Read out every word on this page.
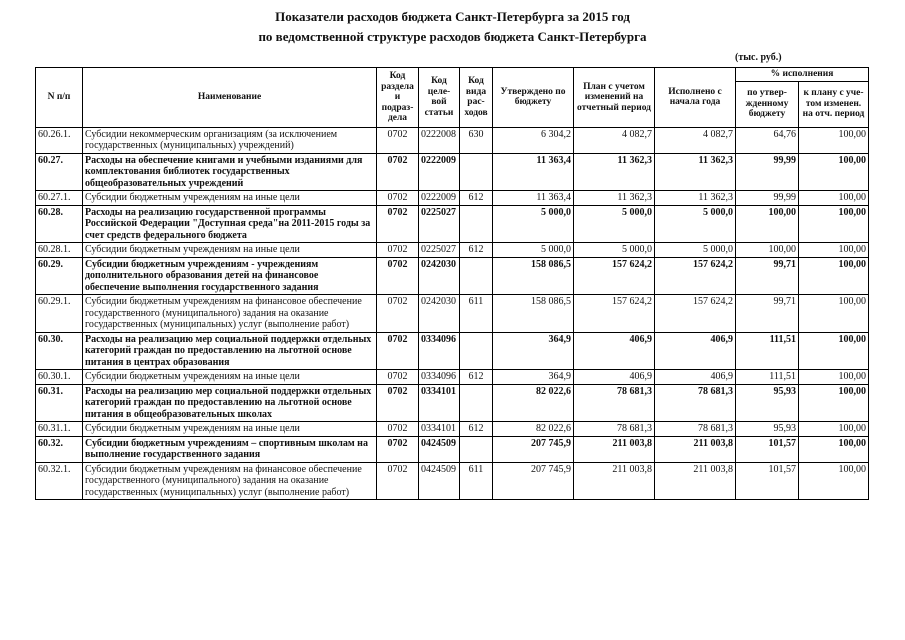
Показатели расходов бюджета Санкт-Петербурга за 2015 год
по ведомственной структуре расходов бюджета Санкт-Петербурга
(тыс. руб.)
N п/п	Наименование	Код раздела и подраз-дела	Код целе-вой статьи	Код вида рас-ходов	Утверждено по бюджету	План с учетом изменений на отчетный период	Исполнено с начала года	% исполнения	
								по утвер-жденному бюджету	к плану с уче-том изменен. на отч. период
60.26.1.	Субсидии некоммерческим организациям (за исключением государственных (муниципальных) учреждений)	0702	0222008	630	6 304,2	4 082,7	4 082,7	64,76	100,00
60.27.	Расходы на обеспечение книгами и учебными изданиями для комплектования библиотек государственных общеобразовательных учреждений	0702	0222009		11 363,4	11 362,3	11 362,3	99,99	100,00
60.27.1.	Субсидии бюджетным учреждениям на иные цели	0702	0222009	612	11 363,4	11 362,3	11 362,3	99,99	100,00
60.28.	Расходы на реализацию государственной программы Российской Федерации "Доступная среда"на 2011-2015 годы за счет средств федерального бюджета	0702	0225027		5 000,0	5 000,0	5 000,0	100,00	100,00
60.28.1.	Субсидии бюджетным учреждениям на иные цели	0702	0225027	612	5 000,0	5 000,0	5 000,0	100,00	100,00
60.29.	Субсидии бюджетным учреждениям - учреждениям дополнительного образования детей на финансовое обеспечение выполнения государственного задания	0702	0242030		158 086,5	157 624,2	157 624,2	99,71	100,00
60.29.1.	Субсидии бюджетным учреждениям на финансовое обеспечение государственного (муниципального) задания на оказание государственных (муниципальных) услуг (выполнение работ)	0702	0242030	611	158 086,5	157 624,2	157 624,2	99,71	100,00
60.30.	Расходы на реализацию мер социальной поддержки отдельных категорий граждан по предоставлению на льготной основе питания в центрах образования	0702	0334096		364,9	406,9	406,9	111,51	100,00
60.30.1.	Субсидии бюджетным учреждениям на иные цели	0702	0334096	612	364,9	406,9	406,9	111,51	100,00
60.31.	Расходы на реализацию мер социальной поддержки отдельных категорий граждан по предоставлению на льготной основе питания в общеобразовательных школах	0702	0334101		82 022,6	78 681,3	78 681,3	95,93	100,00
60.31.1.	Субсидии бюджетным учреждениям на иные цели	0702	0334101	612	82 022,6	78 681,3	78 681,3	95,93	100,00
60.32.	Субсидии бюджетным учреждениям – спортивным школам на выполнение государственного задания	0702	0424509		207 745,9	211 003,8	211 003,8	101,57	100,00
60.32.1.	Субсидии бюджетным учреждениям на финансовое обеспечение государственного (муниципального) задания на оказание государственных (муниципальных) услуг (выполнение работ)	0702	0424509	611	207 745,9	211 003,8	211 003,8	101,57	100,00
